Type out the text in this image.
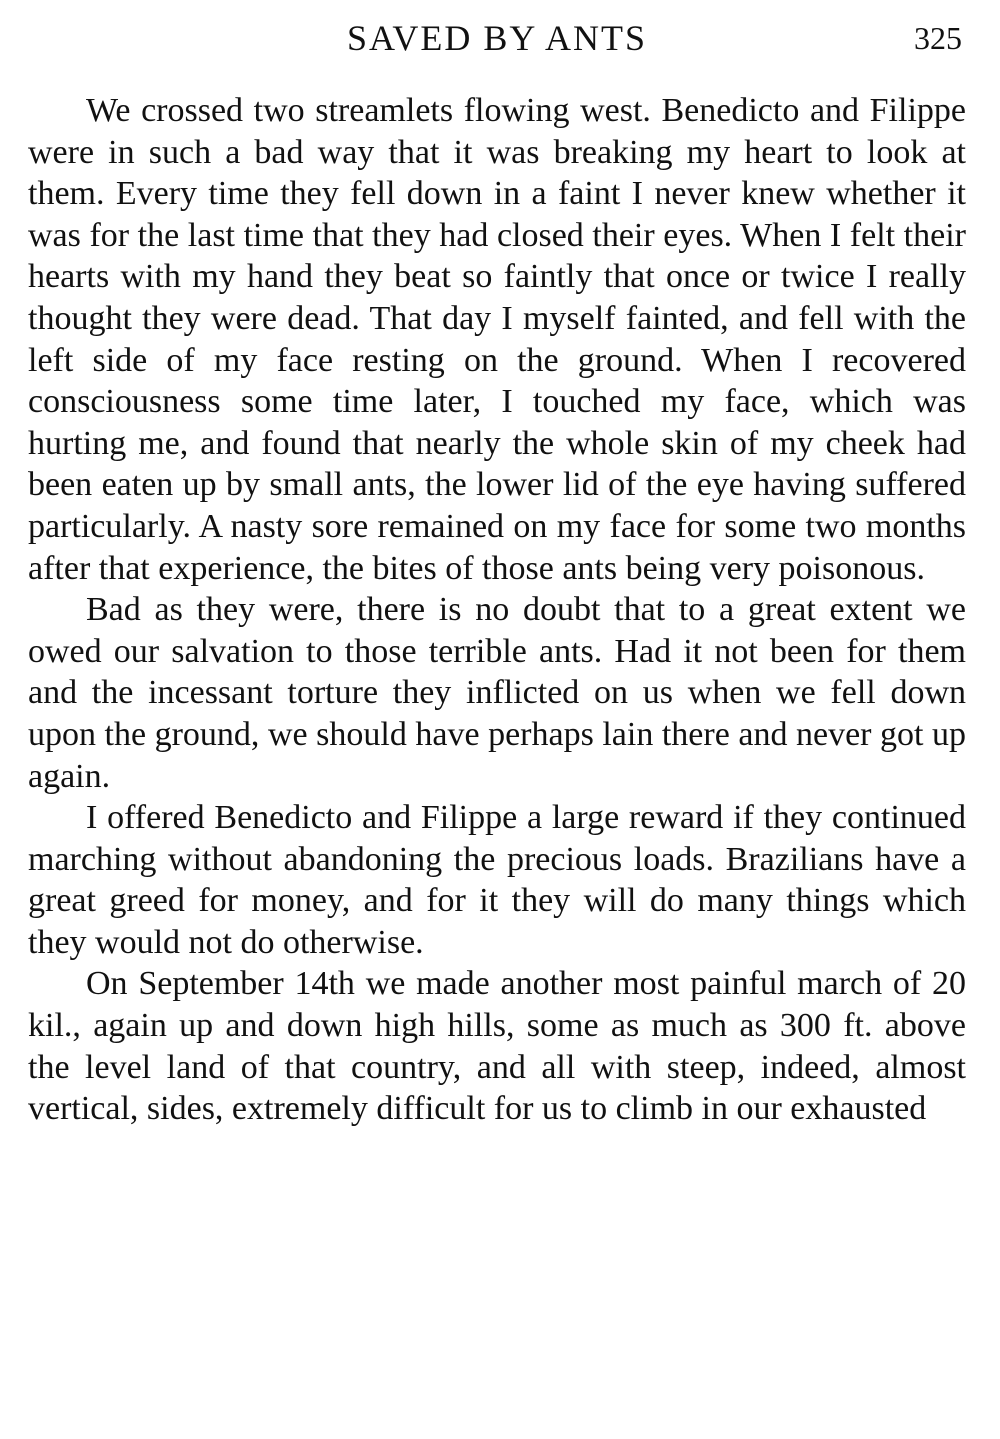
SAVED BY ANTS	325

We crossed two streamlets flowing west. Benedicto and Filippe were in such a bad way that it was breaking my heart to look at them. Every time they fell down in a faint I never knew whether it was for the last time that they had closed their eyes. When I felt their hearts with my hand they beat so faintly that once or twice I really thought they were dead. That day I myself fainted, and fell with the left side of my face resting on the ground. When I recovered consciousness some time later, I touched my face, which was hurting me, and found that nearly the whole skin of my cheek had been eaten up by small ants, the lower lid of the eye having suffered particularly. A nasty sore remained on my face for some two months after that experience, the bites of those ants being very poisonous.

Bad as they were, there is no doubt that to a great extent we owed our salvation to those terrible ants. Had it not been for them and the incessant torture they inflicted on us when we fell down upon the ground, we should have perhaps lain there and never got up again.

I offered Benedicto and Filippe a large reward if they continued marching without abandoning the precious loads. Brazilians have a great greed for money, and for it they will do many things which they would not do otherwise.

On September 14th we made another most painful march of 20 kil., again up and down high hills, some as much as 300 ft. above the level land of that country, and all with steep, indeed, almost vertical, sides, extremely difficult for us to climb in our exhausted
